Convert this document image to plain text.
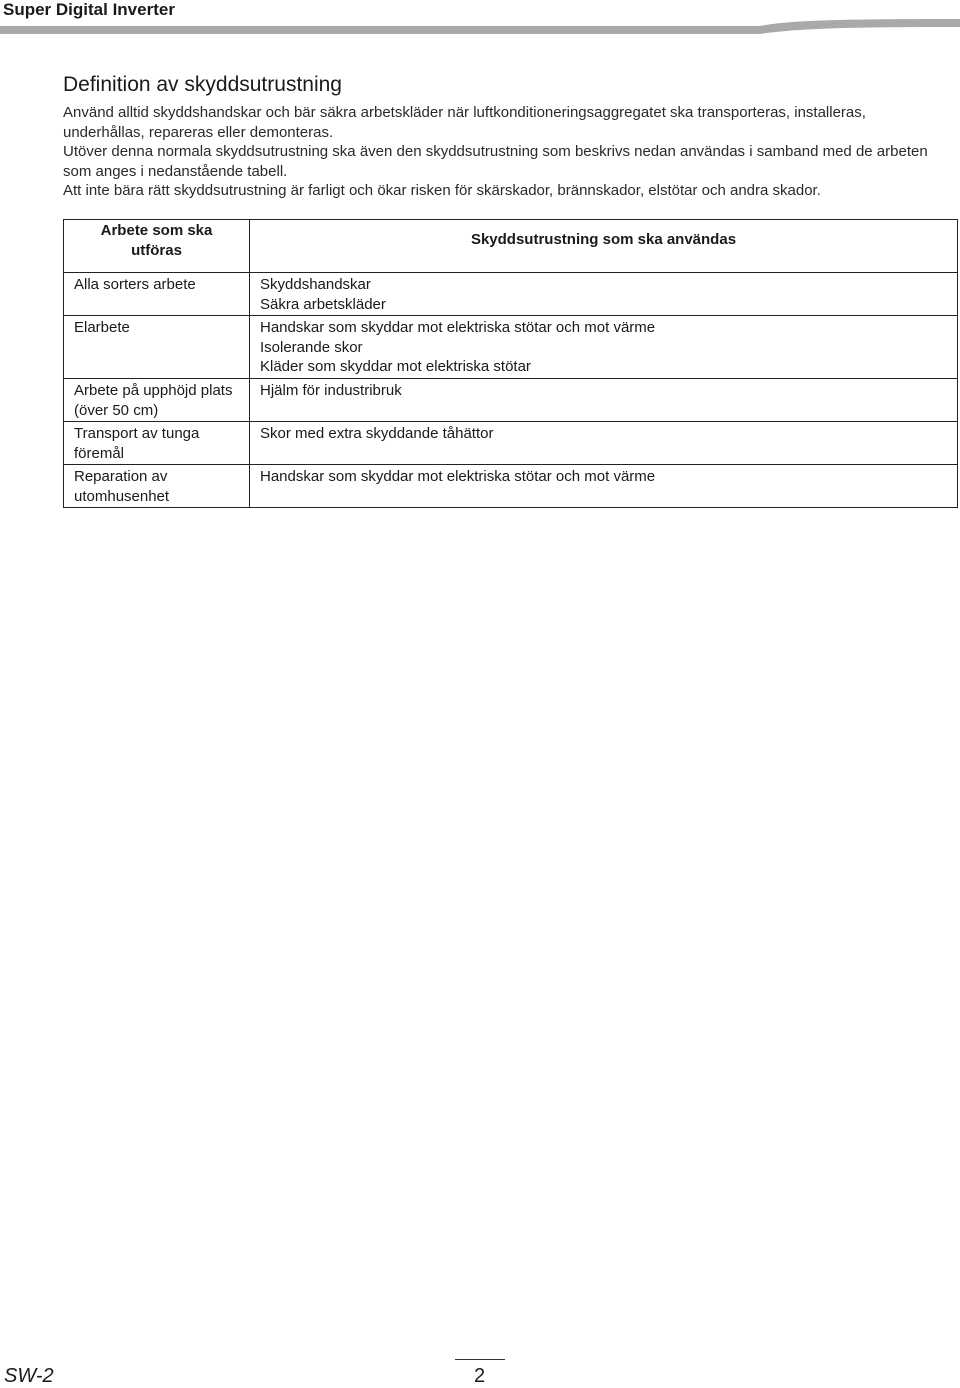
Super Digital Inverter
Definition av skyddsutrustning

Använd alltid skyddshandskar och bär säkra arbetskläder när luftkonditioneringsaggregatet ska transporteras, installeras, underhållas, repareras eller demonteras.

Utöver denna normala skyddsutrustning ska även den skyddsutrustning som beskrivs nedan användas i samband med de arbeten som anges i nedanstående tabell.

Att inte bära rätt skyddsutrustning är farligt och ökar risken för skärskador, brännskador, elstötar och andra skador.

Arbete som ska utföras	Skyddsutrustning som ska användas
Alla sorters arbete	Skyddshandskar
Säkra arbetskläder

Elarbete	Handskar som skyddar mot elektriska stötar och mot värme
Isolerande skor
Kläder som skyddar mot elektriska stötar

Arbete på upphöjd plats (över 50 cm)	Hjälm för industribruk

Transport av tunga föremål	Skor med extra skyddande tåhättor

Reparation av utomhusenhet	Handskar som skyddar mot elektriska stötar och mot värme
SW-2	2
